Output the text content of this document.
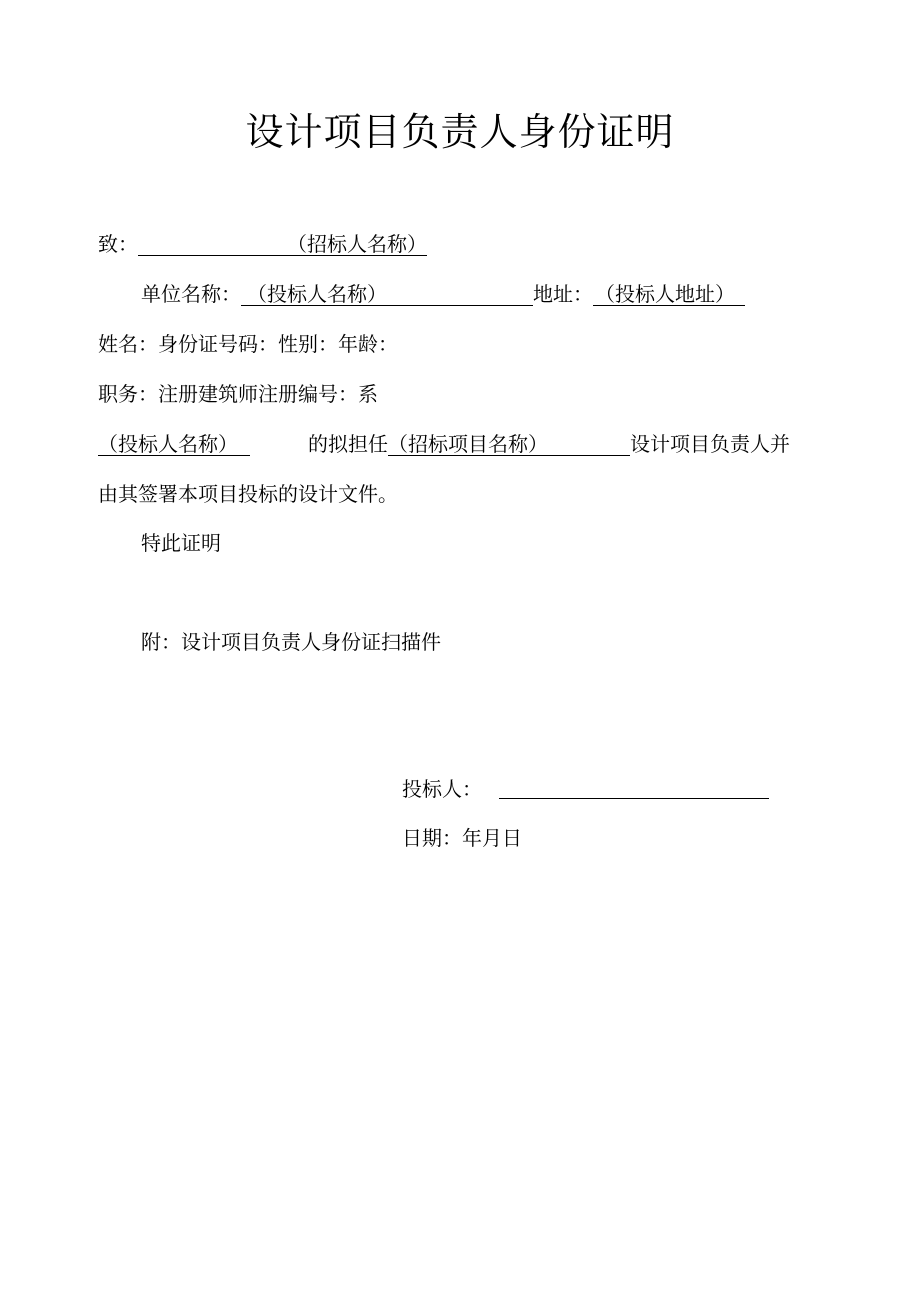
设计项目负责人身份证明
致：	（招标人名称）
单位名称： （投标人名称）	地址： （投标人地址）
姓名：身份证号码：性别：年龄：
职务：注册建筑师注册编号：系
（投标人名称）	的拟担任（招标项目名称）	设计项目负责人并
由其签署本项目投标的设计文件。
特此证明
附：设计项目负责人身份证扫描件
投标人：
日期：年月日
